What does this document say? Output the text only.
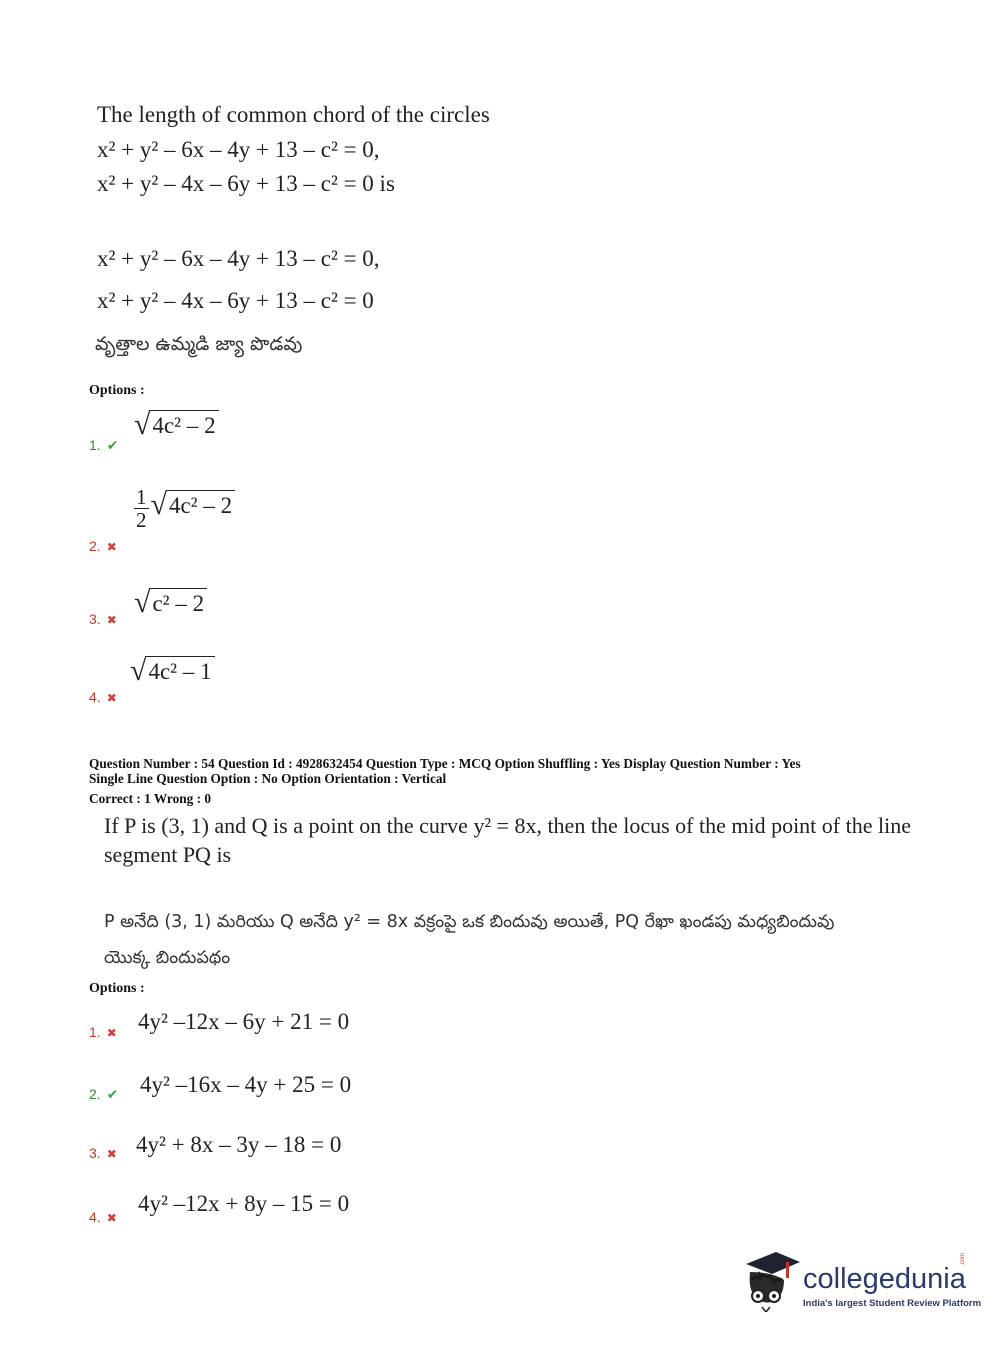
The length of common chord of the circles
x² + y² – 6x – 4y + 13 – c² = 0,
x² + y² – 4x – 6y + 13 – c² = 0 is
x² + y² – 6x – 4y + 13 – c² = 0,
x² + y² – 4x – 6y + 13 – c² = 0
వృత్తాల ఉమ్మడి జ్యా పొడవు
Options :
1. ✔
√ 4c² – 2
2. ✖
$\frac{1}{2}$ √ 4c² – 2
3. ✖
√ c² – 2
4. ✖
√ 4c² – 1
Question Number : 54 Question Id : 4928632454 Question Type : MCQ Option Shuffling : Yes Display Question Number : Yes
Single Line Question Option : No Option Orientation : Vertical
Correct : 1 Wrong : 0
If P is (3, 1) and Q is a point on the curve y² = 8x, then the locus of the mid point of the line
segment PQ is
P అనేది (3, 1) మరియు Q అనేది y² = 8x వక్రంపై ఒక బిందువు అయితే, PQ రేఖా ఖండపు మధ్యబిందువు
యొక్క బిందుపథం
Options :
1. ✖ 4y² –12x – 6y + 21 = 0
2. ✔ 4y² –16x – 4y + 25 = 0
3. ✖ 4y² + 8x – 3y – 18 = 0
4. ✖
4y² –12x + 8y – 15 = 0
collegedunia
.com
India's largest Student Review Platform
